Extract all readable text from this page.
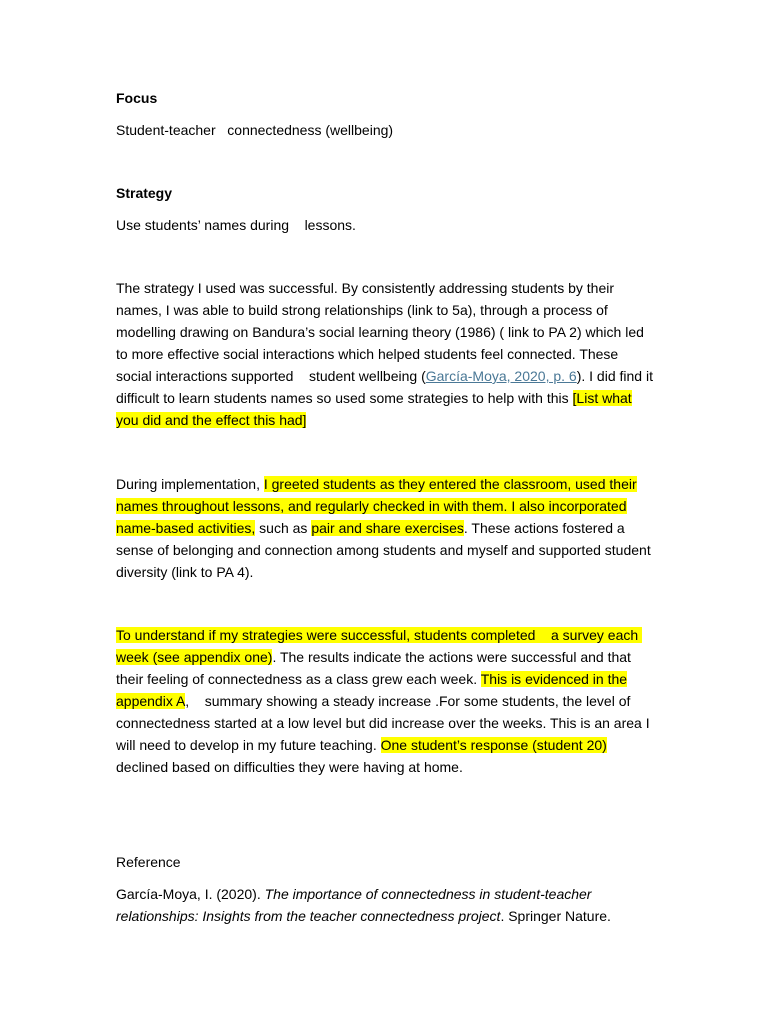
Focus

Student-teacher   connectedness (wellbeing)

Strategy

Use students’ names during    lessons.

The strategy I used was successful. By consistently addressing students by their names, I was able to build strong relationships (link to 5a), through a process of modelling drawing on Bandura’s social learning theory (1986) ( link to PA 2) which led to more effective social interactions which helped students feel connected. These social interactions supported    student wellbeing (García-Moya, 2020, p. 6). I did find it difficult to learn students names so used some strategies to help with this [List what you did and the effect this had]

During implementation, I greeted students as they entered the classroom, used their names throughout lessons, and regularly checked in with them. I also incorporated name-based activities, such as pair and share exercises. These actions fostered a sense of belonging and connection among students and myself and supported student diversity (link to PA 4).

To understand if my strategies were successful, students completed    a survey each week (see appendix one). The results indicate the actions were successful and that their feeling of connectedness as a class grew each week. This is evidenced in the appendix A,    summary showing a steady increase .For some students, the level of connectedness started at a low level but did increase over the weeks. This is an area I will need to develop in my future teaching. One student’s response (student 20) declined based on difficulties they were having at home.

Reference

García-Moya, I. (2020). The importance of connectedness in student-teacher relationships: Insights from the teacher connectedness project. Springer Nature.
